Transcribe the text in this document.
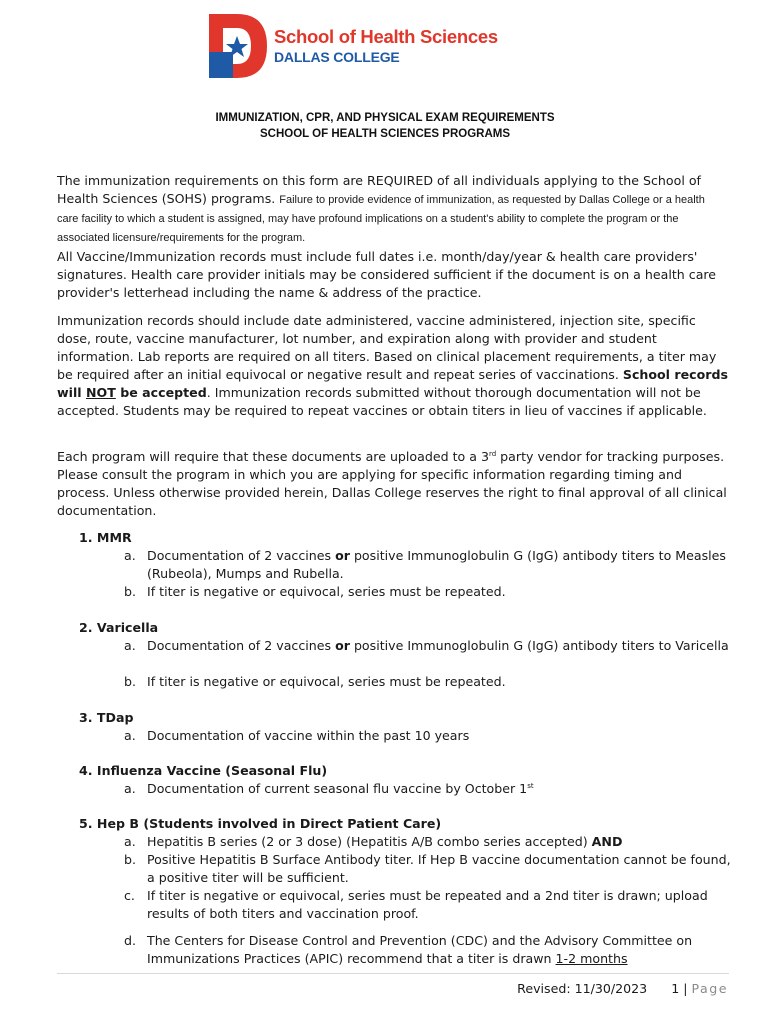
School of Health Sciences
DALLAS COLLEGE
IMMUNIZATION, CPR, AND PHYSICAL EXAM REQUIREMENTS
SCHOOL OF HEALTH SCIENCES PROGRAMS
The immunization requirements on this form are REQUIRED of all individuals applying to the School of Health Sciences (SOHS) programs. Failure to provide evidence of immunization, as requested by Dallas College or a health care facility to which a student is assigned, may have profound implications on a student's ability to complete the program or the associated licensure/requirements for the program.
All Vaccine/Immunization records must include full dates i.e. month/day/year & health care providers' signatures. Health care provider initials may be considered sufficient if the document is on a health care provider's letterhead including the name & address of the practice.
Immunization records should include date administered, vaccine administered, injection site, specific dose, route, vaccine manufacturer, lot number, and expiration along with provider and student information. Lab reports are required on all titers. Based on clinical placement requirements, a titer may be required after an initial equivocal or negative result and repeat series of vaccinations. School records will NOT be accepted. Immunization records submitted without thorough documentation will not be accepted. Students may be required to repeat vaccines or obtain titers in lieu of vaccines if applicable.
Each program will require that these documents are uploaded to a 3rd party vendor for tracking purposes. Please consult the program in which you are applying for specific information regarding timing and process. Unless otherwise provided herein, Dallas College reserves the right to final approval of all clinical documentation.
1. MMR
a. Documentation of 2 vaccines or positive Immunoglobulin G (IgG) antibody titers to Measles (Rubeola), Mumps and Rubella.
b. If titer is negative or equivocal, series must be repeated.
2. Varicella
a. Documentation of 2 vaccines or positive Immunoglobulin G (IgG) antibody titers to Varicella
b. If titer is negative or equivocal, series must be repeated.
3. TDap
a. Documentation of vaccine within the past 10 years
4. Influenza Vaccine (Seasonal Flu)
a. Documentation of current seasonal flu vaccine by October 1st
5. Hep B (Students involved in Direct Patient Care)
a. Hepatitis B series (2 or 3 dose) (Hepatitis A/B combo series accepted) AND
b. Positive Hepatitis B Surface Antibody titer. If Hep B vaccine documentation cannot be found, a positive titer will be sufficient.
c. If titer is negative or equivocal, series must be repeated and a 2nd titer is drawn; upload results of both titers and vaccination proof.
d. The Centers for Disease Control and Prevention (CDC) and the Advisory Committee on Immunizations Practices (APIC) recommend that a titer is drawn 1-2 months
Revised: 11/30/2023 1 | Page
